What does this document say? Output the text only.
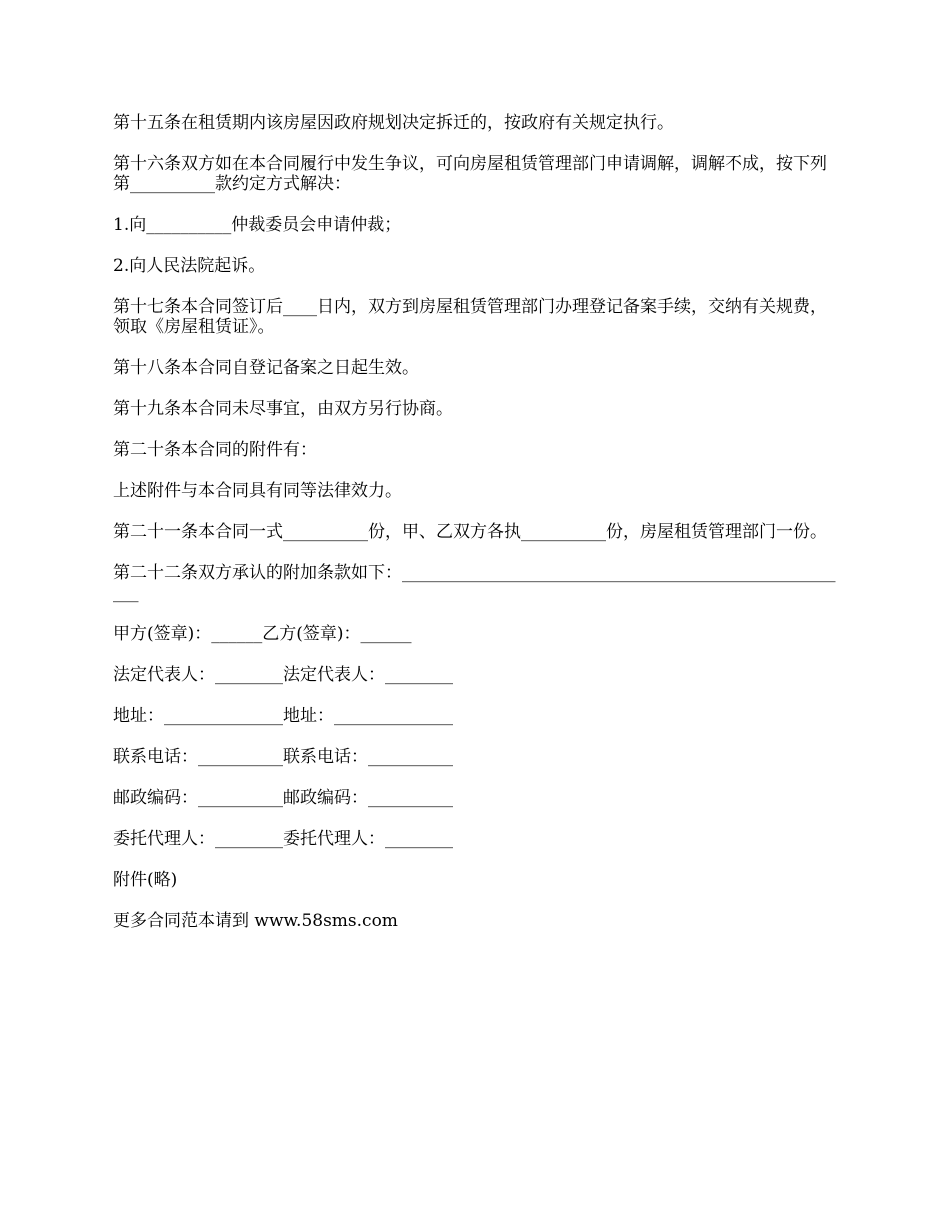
第十五条在租赁期内该房屋因政府规划决定拆迁的，按政府有关规定执行。

第十六条双方如在本合同履行中发生争议，可向房屋租赁管理部门申请调解，调解不成，按下列第__________款约定方式解决：

1.向__________仲裁委员会申请仲裁；

2.向人民法院起诉。

第十七条本合同签订后____日内，双方到房屋租赁管理部门办理登记备案手续，交纳有关规费，领取《房屋租赁证》。

第十八条本合同自登记备案之日起生效。

第十九条本合同未尽事宜，由双方另行协商。

第二十条本合同的附件有：

上述附件与本合同具有同等法律效力。

第二十一条本合同一式__________份，甲、乙双方各执__________份，房屋租赁管理部门一份。

第二十二条双方承认的附加条款如下：______________________________________________________

甲方(签章)：______乙方(签章)：______

法定代表人：________法定代表人：________

地址：______________地址：______________

联系电话：__________联系电话：__________

邮政编码：__________邮政编码：__________

委托代理人：________委托代理人：________

附件(略)

更多合同范本请到 www.58sms.com
